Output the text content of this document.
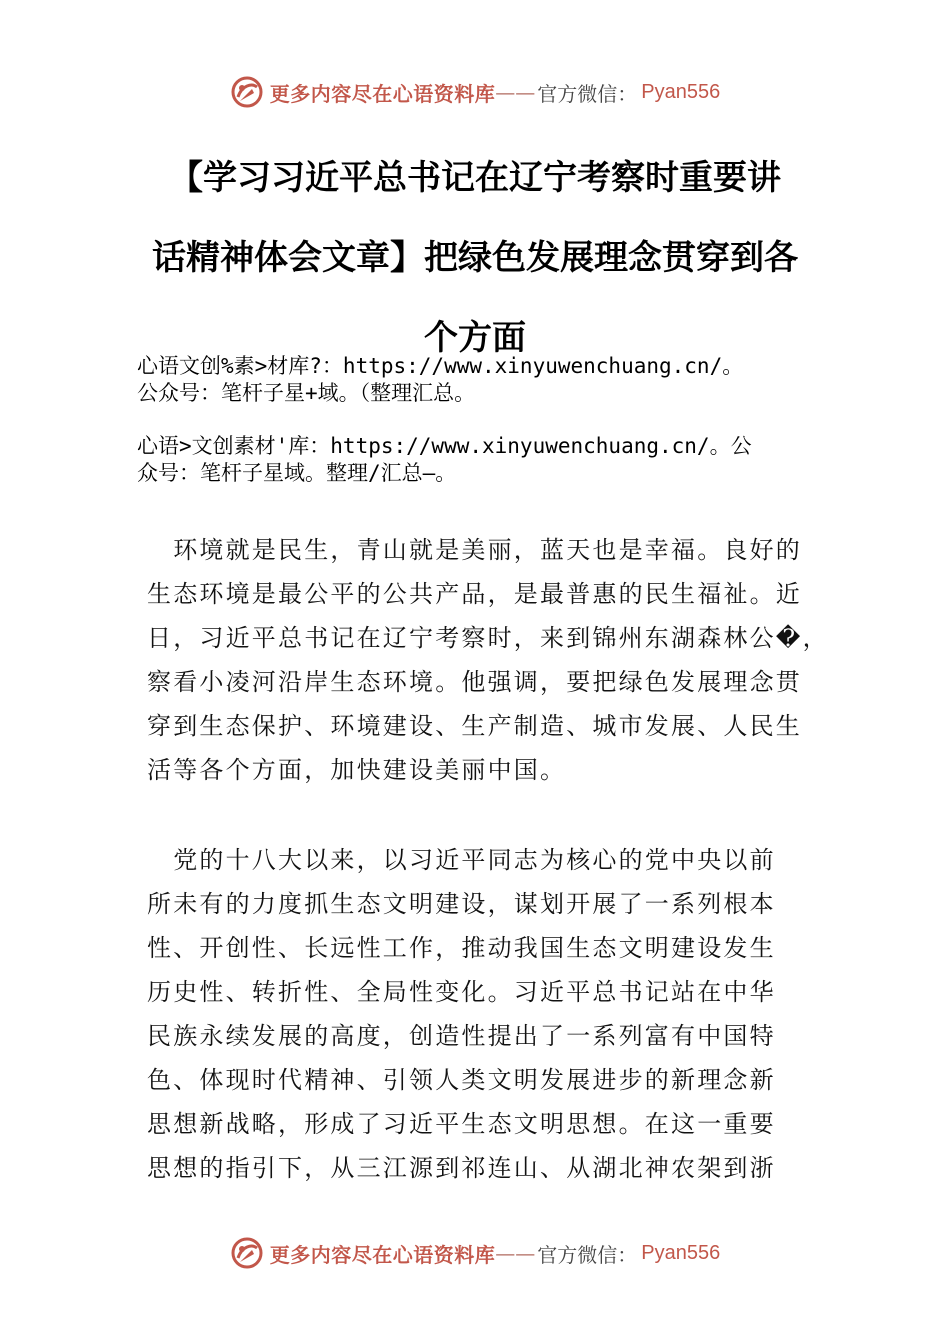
更多内容尽在心语资料库 —— 官方微信： Pyan556
【学习习近平总书记在辽宁考察时重要讲
话精神体会文章】把绿色发展理念贯穿到各
个方面
心语文创%素>材库?：https://www.xinyuwenchuang.cn/。
公众号：笔杆子星+域。（整理汇总。
心语>文创素材'库：https://www.xinyuwenchuang.cn/。公
众号：笔杆子星域。整理/汇总—。
　环境就是民生，青山就是美丽，蓝天也是幸福。良好的
生态环境是最公平的公共产品，是最普惠的民生福祉。近
日，习近平总书记在辽宁考察时，来到锦州东湖森林公�，
察看小凌河沿岸生态环境。他强调，要把绿色发展理念贯
穿到生态保护、环境建设、生产制造、城市发展、人民生
活等各个方面，加快建设美丽中国。
　党的十八大以来，以习近平同志为核心的党中央以前
所未有的力度抓生态文明建设，谋划开展了一系列根本
性、开创性、长远性工作，推动我国生态文明建设发生
历史性、转折性、全局性变化。习近平总书记站在中华
民族永续发展的高度，创造性提出了一系列富有中国特
色、体现时代精神、引领人类文明发展进步的新理念新
思想新战略，形成了习近平生态文明思想。在这一重要
思想的指引下，从三江源到祁连山、从湖北神农架到浙
更多内容尽在心语资料库 —— 官方微信： Pyan556
